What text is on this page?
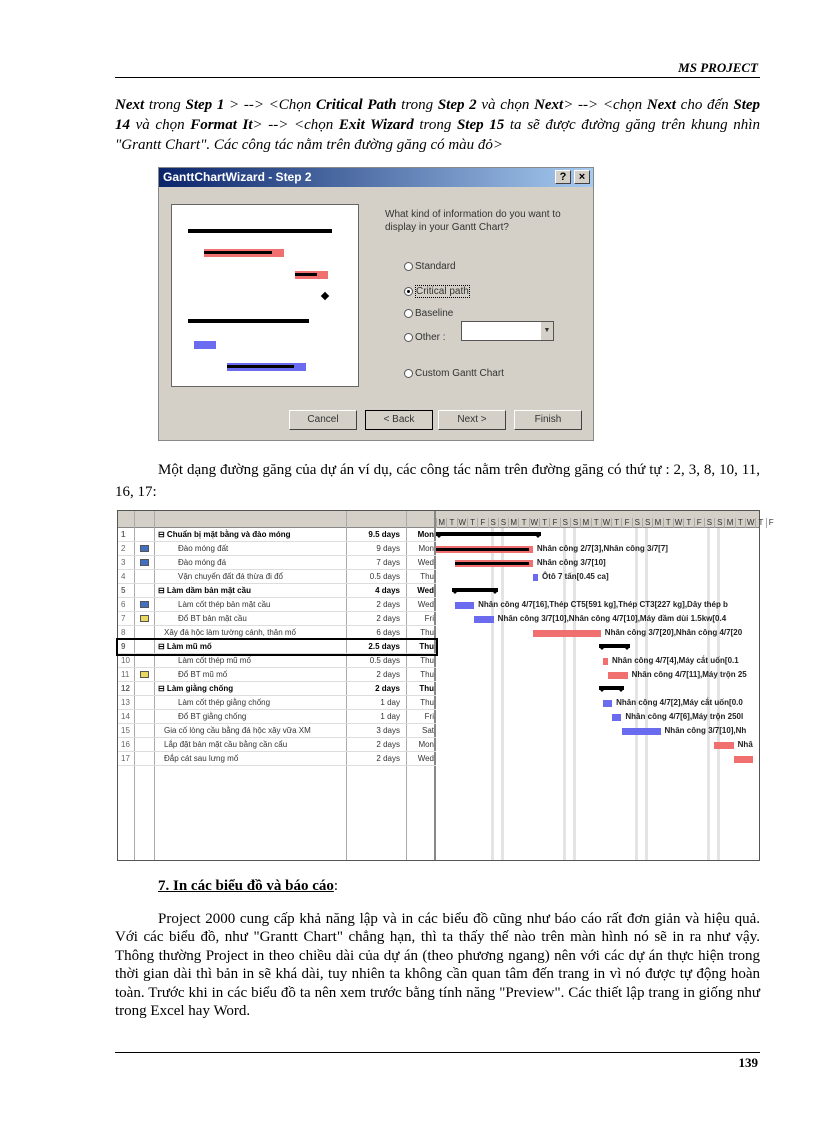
MS PROJECT
Next trong Step 1 > --> <Chọn Critical Path trong Step 2 và chọn Next> --> <chọn Next cho đến Step 14 và chọn Format It> --> <chọn Exit Wizard trong Step 15 ta sẽ được đường găng trên khung nhìn "Grantt Chart". Các công tác nằm trên đường găng có màu đỏ>
GanttChartWizard - Step 2	?	×
What kind of information do you want to display in your Gantt Chart?
▼
Cancel	< Back	Next >	Finish
Standard
Critical path
Baseline
Other :
Custom Gantt Chart
Một dạng đường găng của dự án ví dụ, các công tác nằm trên đường găng có thứ tự : 2, 3, 8, 10, 11, 16, 17:
M T W T F S S M T W T F S S M T W T F S S M T W T F S S M T W T F
1	⊟ Chuẩn bị mặt bằng và đào móng	9.5 days	Mon
2	Đào móng đất	9 days	Mon	Nhân công 2/7[3],Nhân công 3/7[7]
3	Đào móng đá	7 days	Wed	Nhân công 3/7[10]
4	Vận chuyển đất đá thừa đi đổ	0.5 days	Thu	Ôtô 7 tấn[0.45 ca]
5	⊟ Làm dầm bản mặt cầu	4 days	Wed
6	Làm cốt thép bản mặt cầu	2 days	Wed	Nhân công 4/7[16],Thép CT5[591 kg],Thép CT3[227 kg],Dây thép b
7	Đổ BT bản mặt cầu	2 days	Fri	Nhân công 3/7[10],Nhân công 4/7[10],Máy đầm dùi 1.5kw[0.4
8	Xây đá hộc làm tường cánh, thân mố	6 days	Thu	Nhân công 3/7[20],Nhân công 4/7[20
9	⊟ Làm mũ mố	2.5 days	Thu
10	Làm cốt thép mũ mố	0.5 days	Thu	Nhân công 4/7[4],Máy cắt uốn[0.1
11	Đổ BT mũ mố	2 days	Thu	Nhân công 4/7[11],Máy trộn 25
12	⊟ Làm giằng chống	2 days	Thu
13	Làm cốt thép giằng chống	1 day	Thu	Nhân công 4/7[2],Máy cắt uốn[0.0
14	Đổ BT giằng chống	1 day	Fri	Nhân công 4/7[6],Máy trộn 250l
15	Gia cố lòng cầu bằng đá hộc xây vữa XM	3 days	Sat	Nhân công 3/7[10],Nh
16	Lắp đặt bản mặt cầu bằng cần cẩu	2 days	Mon	Nhâ
17	Đắp cát sau lưng mố	2 days	Wed
7. In các biểu đồ và báo cáo:
Project 2000 cung cấp khả năng lập và in các biểu đồ cũng như báo cáo rất đơn giản và hiệu quả. Với các biểu đồ, như "Grantt Chart" chẳng hạn, thì ta thấy thế nào trên màn hình nó sẽ in ra như vậy. Thông thường Project in theo chiều dài của dự án (theo phương ngang) nên với các dự án thực hiện trong thời gian dài thì bản in sẽ khá dài, tuy nhiên ta không cần quan tâm đến trang in vì nó được tự động hoàn toàn. Trước khi in các biểu đồ ta nên xem trước bằng tính năng "Preview". Các thiết lập trang in giống như trong Excel hay Word.
139
